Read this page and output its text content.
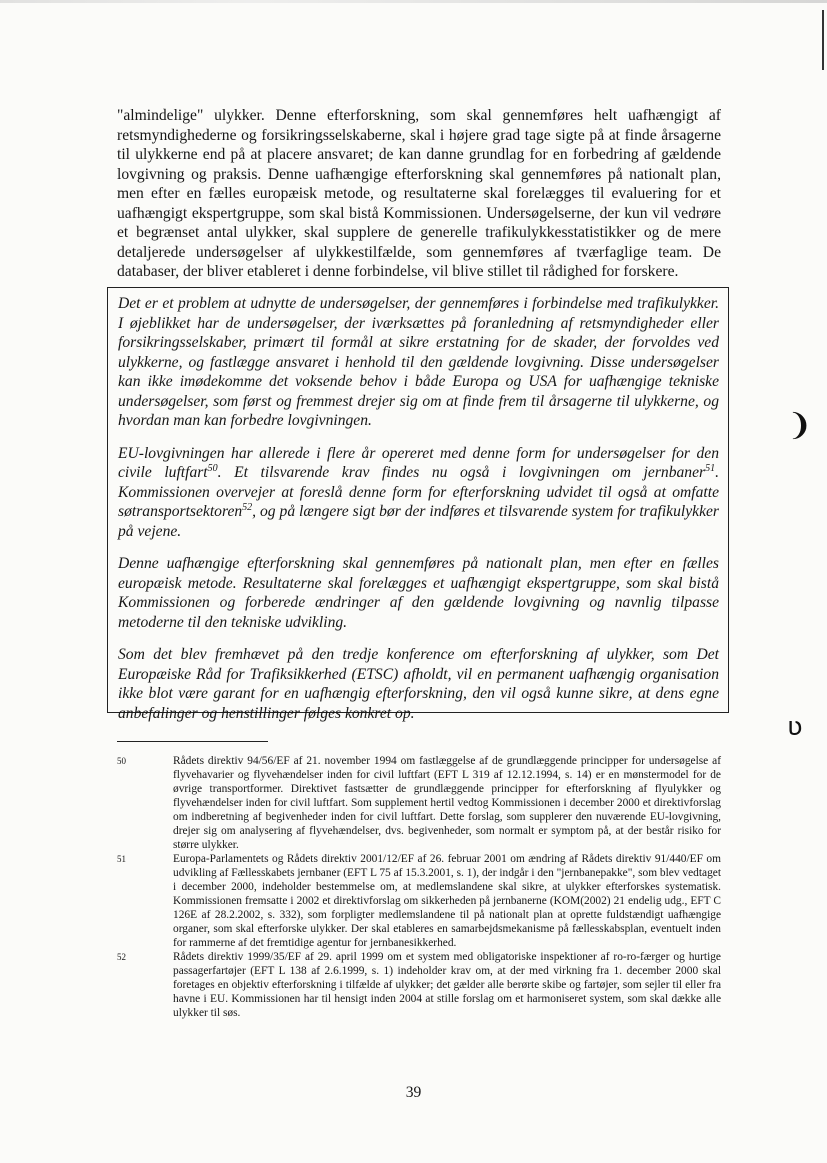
"almindelige" ulykker. Denne efterforskning, som skal gennemføres helt uafhængigt af retsmyndighederne og forsikringsselskaberne, skal i højere grad tage sigte på at finde årsagerne til ulykkerne end på at placere ansvaret; de kan danne grundlag for en forbedring af gældende lovgivning og praksis. Denne uafhængige efterforskning skal gennemføres på nationalt plan, men efter en fælles europæisk metode, og resultaterne skal forelægges til evaluering for et uafhængigt ekspertgruppe, som skal bistå Kommissionen. Undersøgelserne, der kun vil vedrøre et begrænset antal ulykker, skal supplere de generelle trafikulykkesstatistikker og de mere detaljerede undersøgelser af ulykkestilfælde, som gennemføres af tværfaglige team. De databaser, der bliver etableret i denne forbindelse, vil blive stillet til rådighed for forskere.

Det er et problem at udnytte de undersøgelser, der gennemføres i forbindelse med trafikulykker. I øjeblikket har de undersøgelser, der iværksættes på foranledning af retsmyndigheder eller forsikringsselskaber, primært til formål at sikre erstatning for de skader, der forvoldes ved ulykkerne, og fastlægge ansvaret i henhold til den gældende lovgivning. Disse undersøgelser kan ikke imødekomme det voksende behov i både Europa og USA for uafhængige tekniske undersøgelser, som først og fremmest drejer sig om at finde frem til årsagerne til ulykkerne, og hvordan man kan forbedre lovgivningen.

EU-lovgivningen har allerede i flere år opereret med denne form for undersøgelser for den civile luftfart$^{50}$. Et tilsvarende krav findes nu også i lovgivningen om jernbaner$^{51}$. Kommissionen overvejer at foreslå denne form for efterforskning udvidet til også at omfatte søtransportsektoren$^{52}$, og på længere sigt bør der indføres et tilsvarende system for trafikulykker på vejene.

Denne uafhængige efterforskning skal gennemføres på nationalt plan, men efter en fælles europæisk metode. Resultaterne skal forelægges et uafhængigt ekspertgruppe, som skal bistå Kommissionen og forberede ændringer af den gældende lovgivning og navnlig tilpasse metoderne til den tekniske udvikling.

Som det blev fremhævet på den tredje konference om efterforskning af ulykker, som Det Europæiske Råd for Trafiksikkerhed (ETSC) afholdt, vil en permanent uafhængig organisation ikke blot være garant for en uafhængig efterforskning, den vil også kunne sikre, at dens egne anbefalinger og henstillinger følges konkret op.

❩
ʋ
50	Rådets direktiv 94/56/EF af 21. november 1994 om fastlæggelse af de grundlæggende principper for undersøgelse af flyvehavarier og flyvehændelser inden for civil luftfart (EFT L 319 af 12.12.1994, s. 14) er en mønstermodel for de øvrige transportformer. Direktivet fastsætter de grundlæggende principper for efterforskning af flyulykker og flyvehændelser inden for civil luftfart. Som supplement hertil vedtog Kommissionen i december 2000 et direktivforslag om indberetning af begivenheder inden for civil luftfart. Dette forslag, som supplerer den nuværende EU-lovgivning, drejer sig om analysering af flyvehændelser, dvs. begivenheder, som normalt er symptom på, at der består risiko for større ulykker.
51	Europa-Parlamentets og Rådets direktiv 2001/12/EF af 26. februar 2001 om ændring af Rådets direktiv 91/440/EF om udvikling af Fællesskabets jernbaner (EFT L 75 af 15.3.2001, s. 1), der indgår i den "jernbanepakke", som blev vedtaget i december 2000, indeholder bestemmelse om, at medlemslandene skal sikre, at ulykker efterforskes systematisk. Kommissionen fremsatte i 2002 et direktivforslag om sikkerheden på jernbanerne (KOM(2002) 21 endelig udg., EFT C 126E af 28.2.2002, s. 332), som forpligter medlemslandene til på nationalt plan at oprette fuldstændigt uafhængige organer, som skal efterforske ulykker. Der skal etableres en samarbejdsmekanisme på fællesskabsplan, eventuelt inden for rammerne af det fremtidige agentur for jernbanesikkerhed.
52	Rådets direktiv 1999/35/EF af 29. april 1999 om et system med obligatoriske inspektioner af ro-ro-færger og hurtige passagerfartøjer (EFT L 138 af 2.6.1999, s. 1) indeholder krav om, at der med virkning fra 1. december 2000 skal foretages en objektiv efterforskning i tilfælde af ulykker; det gælder alle berørte skibe og fartøjer, som sejler til eller fra havne i EU. Kommissionen har til hensigt inden 2004 at stille forslag om et harmoniseret system, som skal dække alle ulykker til søs.
39
